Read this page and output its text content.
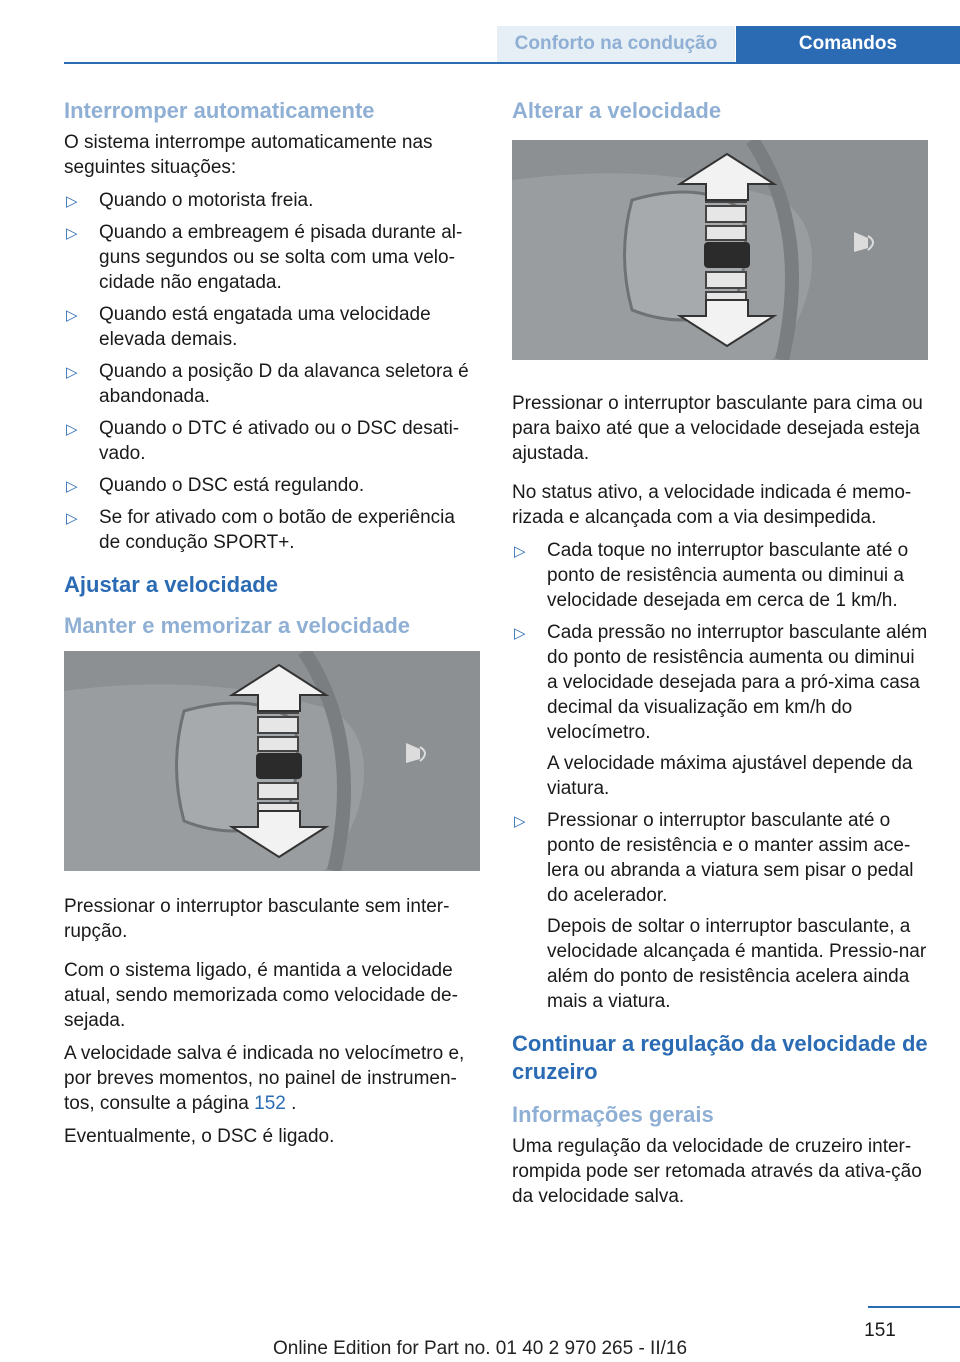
Conforto na condução	Comandos
Interromper automaticamente

O sistema interrompe automaticamente nas seguintes situações:

▷ Quando o motorista freia.
▷ Quando a embreagem é pisada durante al-guns segundos ou se solta com uma velo-cidade não engatada.
▷ Quando está engatada uma velocidade elevada demais.
▷ Quando a posição D da alavanca seletora é abandonada.
▷ Quando o DTC é ativado ou o DSC desati-vado.
▷ Quando o DSC está regulando.
▷ Se for ativado com o botão de experiência de condução SPORT+.
Ajustar a velocidade
Manter e memorizar a velocidade

Pressionar o interruptor basculante sem inter-rupção.

Com o sistema ligado, é mantida a velocidade atual, sendo memorizada como velocidade de-sejada.

A velocidade salva é indicada no velocímetro e, por breves momentos, no painel de instrumen-tos, consulte a página 152 .

Eventualmente, o DSC é ligado.

Alterar a velocidade

Pressionar o interruptor basculante para cima ou para baixo até que a velocidade desejada esteja ajustada.

No status ativo, a velocidade indicada é memo-rizada e alcançada com a via desimpedida.

▷ Cada toque no interruptor basculante até o ponto de resistência aumenta ou diminui a velocidade desejada em cerca de 1 km/h.
▷ Cada pressão no interruptor basculante além do ponto de resistência aumenta ou diminui a velocidade desejada para a pró-xima casa decimal da visualização em km/h do velocímetro.

A velocidade máxima ajustável depende da viatura.

▷ Pressionar o interruptor basculante até o ponto de resistência e o manter assim ace-lera ou abranda a viatura sem pisar o pedal do acelerador.

Depois de soltar o interruptor basculante, a velocidade alcançada é mantida. Pressio-nar além do ponto de resistência acelera ainda mais a viatura.

Continuar a regulação da velocidade de cruzeiro
Informações gerais

Uma regulação da velocidade de cruzeiro inter-rompida pode ser retomada através da ativa-ção da velocidade salva.

151
Online Edition for Part no. 01 40 2 970 265 - II/16
